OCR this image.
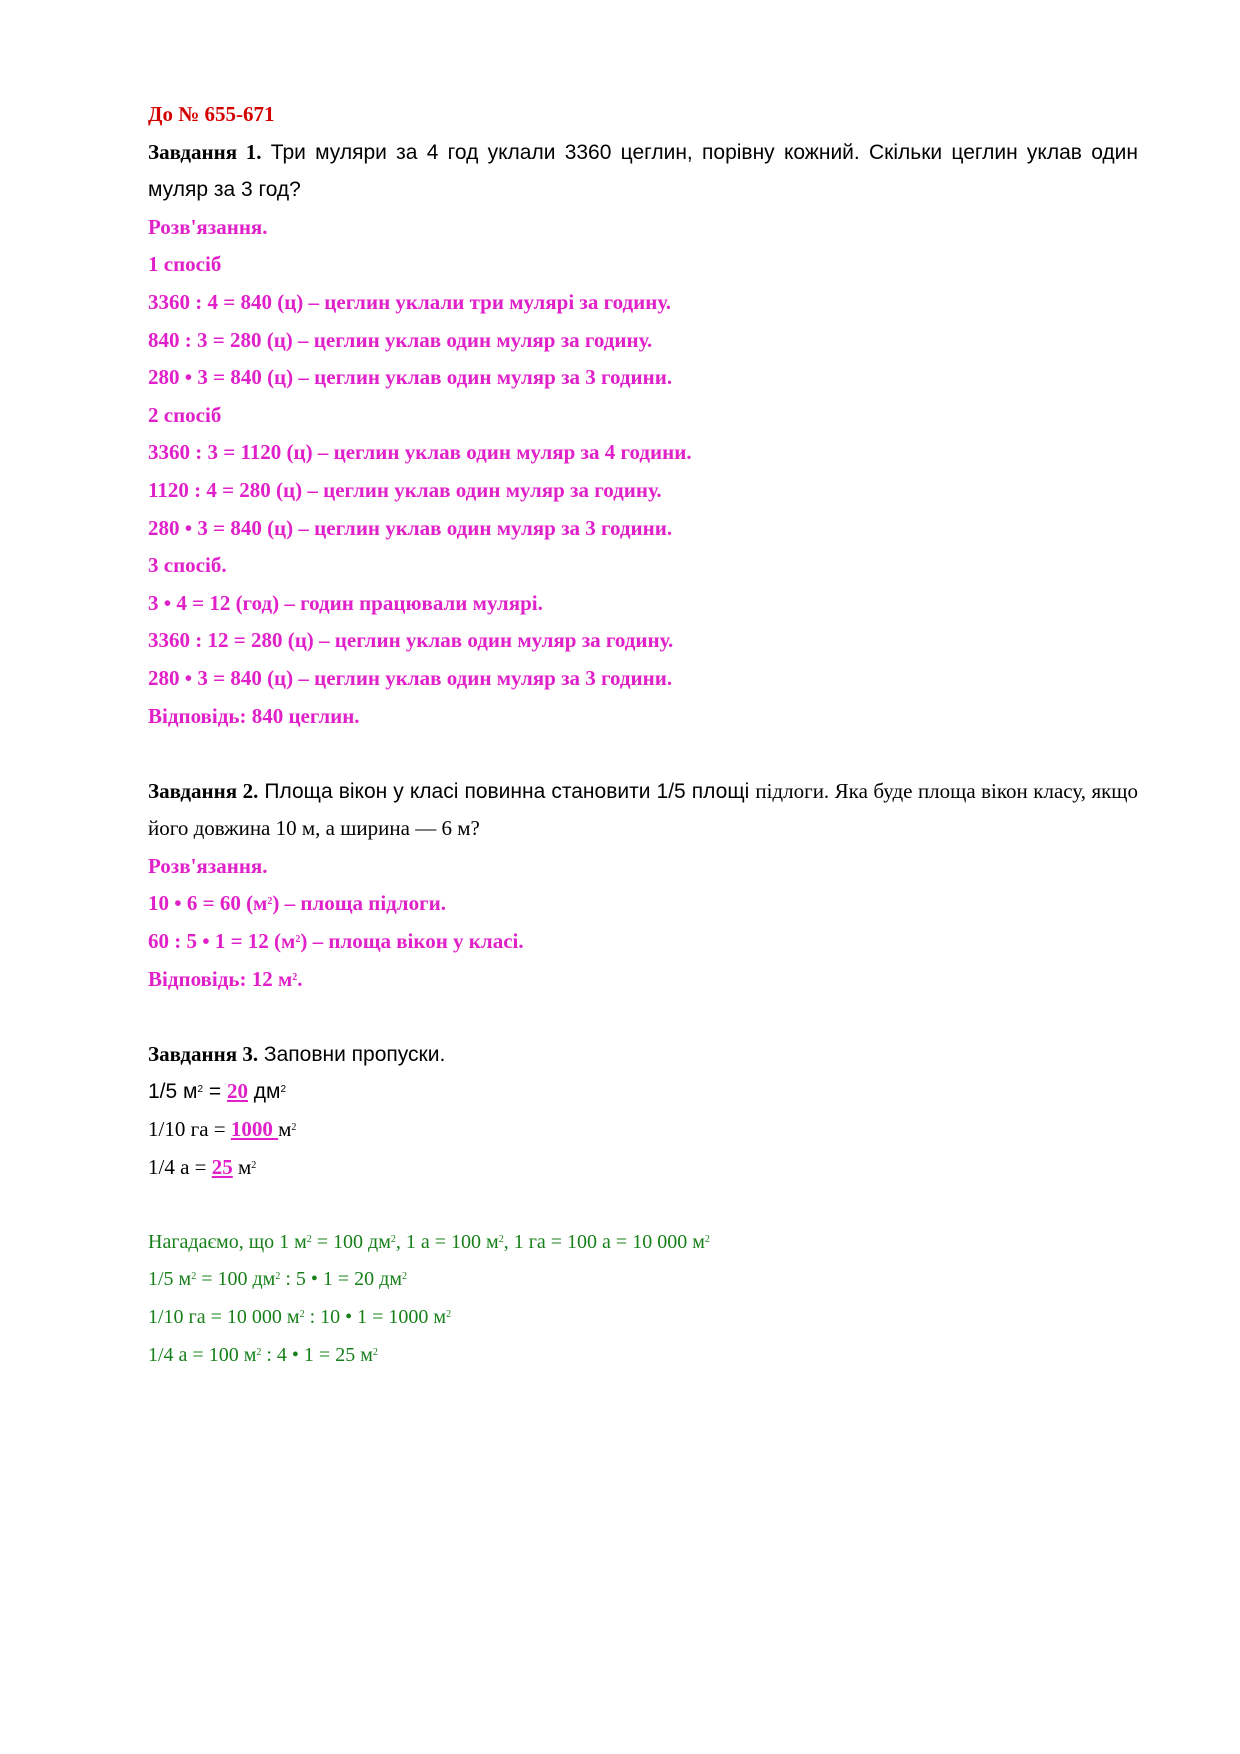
До № 655-671

Завдання 1. Три муляри за 4 год уклали 3360 цеглин, порівну кожний. Скільки цеглин уклав один муляр за 3 год?

Розв'язання.

1 спосіб

3360 : 4 = 840 (ц) – цеглин уклали три мулярі за годину.

840 : 3 = 280 (ц) – цеглин уклав один муляр за годину.

280 • 3 = 840 (ц) – цеглин уклав один муляр за 3 години.

2 спосіб

3360 : 3 = 1120 (ц) – цеглин уклав один муляр за 4 години.

1120 : 4 = 280 (ц) – цеглин уклав один муляр за годину.

280 • 3 = 840 (ц) – цеглин уклав один муляр за 3 години.

3 спосіб.

3 • 4 = 12 (год) – годин працювали мулярі.

3360 : 12 = 280 (ц) – цеглин уклав один муляр за годину.

280 • 3 = 840 (ц) – цеглин уклав один муляр за 3 години.

Відповідь: 840 цеглин.

Завдання 2. Площа вікон у класі повинна становити 1/5 площі підлоги. Яка буде площа вікон класу, якщо його довжина 10 м, а ширина — 6 м?

Розв'язання.

10 • 6 = 60 $(м^2)$ – площа підлоги.

60 : 5 • 1 = 12 $(м^2)$ – площа вікон у класі.

Відповідь: 12 $м^2$.

Завдання 3. Заповни пропуски.

1/5 $м^2 = 20$ $дм^2$

1/10 га = 1000 $м^2$

1/4 а = 25 $м^2$

Нагадаємо, що 1 $м^2 = 100$ $дм^2$, 1 а = 100 $м^2$, 1 га = 100 а = 10 000 $м^2$

1/5 $м^2 = 100$ $дм^2$ : 5 • 1 = 20 $дм^2$

1/10 га = 10 000 $м^2$ : 10 • 1 = 1000 $м^2$

1/4 а = 100 $м^2$ : 4 • 1 = 25 $м^2$
